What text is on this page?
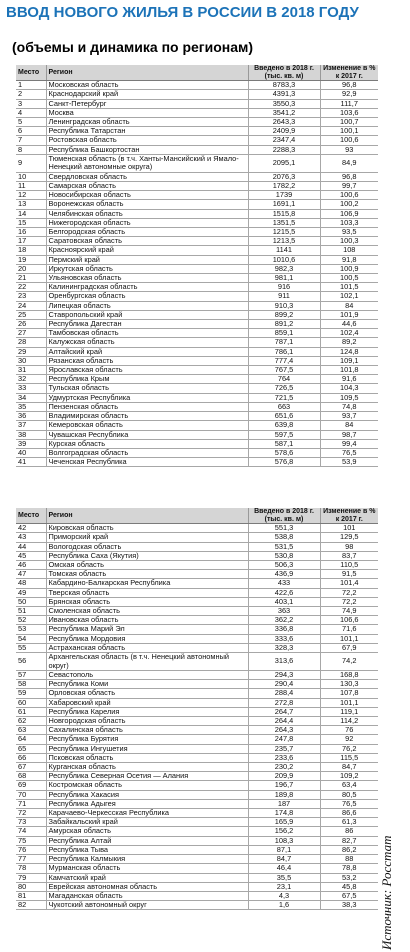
ВВОД НОВОГО ЖИЛЬЯ В РОССИИ В 2018 ГОДУ
(объемы и динамика по регионам)
Место	Регион	Введено в 2018 г. (тыс. кв. м)	Изменение в % к 2017 г.
1	Московская область	8783,3	96,8
2	Краснодарский край	4391,3	92,9
3	Санкт-Петербург	3550,3	111,7
4	Москва	3541,2	103,6
5	Ленинградская область	2643,3	100,7
6	Республика Татарстан	2409,9	100,1
7	Ростовская область	2347,4	100,6
8	Республика Башкортостан	2288,3	93
9	Тюменская область (в т.ч. Ханты-Мансийский и Ямало-Ненецкий автономные округа)	2095,1	84,9
10	Свердловская область	2076,3	96,8
11	Самарская область	1782,2	99,7
12	Новосибирская область	1739	100,6
13	Воронежская область	1691,1	100,2
14	Челябинская область	1515,8	106,9
15	Нижегородская область	1351,5	103,3
16	Белгородская область	1215,5	93,5
17	Саратовская область	1213,5	100,3
18	Красноярский край	1141	108
19	Пермский край	1010,6	91,8
20	Иркутская область	982,3	100,9
21	Ульяновская область	981,1	100,5
22	Калининградская область	916	101,5
23	Оренбургская область	911	102,1
24	Липецкая область	910,3	84
25	Ставропольский край	899,2	101,9
26	Республика Дагестан	891,2	44,6
27	Тамбовская область	859,1	102,4
28	Калужская область	787,1	89,2
29	Алтайский край	786,1	124,8
30	Рязанская область	777,4	109,1
31	Ярославская область	767,5	101,8
32	Республика Крым	764	91,6
33	Тульская область	726,5	104,3
34	Удмуртская Республика	721,5	109,5
35	Пензенская область	663	74,8
36	Владимирская область	651,6	93,7
37	Кемеровская область	639,8	84
38	Чувашская Республика	597,5	98,7
39	Курская область	587,1	99,4
40	Волгоградская область	578,6	76,5
41	Чеченская Республика	576,8	53,9
Место	Регион	Введено в 2018 г. (тыс. кв. м)	Изменение в % к 2017 г.
42	Кировская область	551,3	101
43	Приморский край	538,8	129,5
44	Вологодская область	531,5	98
45	Республика Саха (Якутия)	530,8	83,7
46	Омская область	506,3	110,5
47	Томская область	436,9	91,5
48	Кабардино-Балкарская Республика	433	101,4
49	Тверская область	422,6	72,2
50	Брянская область	403,1	72,2
51	Смоленская область	363	74,9
52	Ивановская область	362,2	106,6
53	Республика Марий Эл	336,8	71,6
54	Республика Мордовия	333,6	101,1
55	Астраханская область	328,3	67,9
56	Архангельская область (в т.ч. Ненецкий автономный округ)	313,6	74,2
57	Севастополь	294,3	168,8
58	Республика Коми	290,4	130,3
59	Орловская область	288,4	107,8
60	Хабаровский край	272,8	101,1
61	Республика Карелия	264,7	119,1
62	Новгородская область	264,4	114,2
63	Сахалинская область	264,3	76
64	Республика Бурятия	247,8	92
65	Республика Ингушетия	235,7	76,2
66	Псковская область	233,6	115,5
67	Курганская область	230,2	84,7
68	Республика Северная Осетия — Алания	209,9	109,2
69	Костромская область	196,7	63,4
70	Республика Хакасия	189,8	80,5
71	Республика Адыгея	187	76,5
72	Карачаево-Черкесская Республика	174,8	86,6
73	Забайкальский край	165,9	61,3
74	Амурская область	156,2	86
75	Республика Алтай	108,3	82,7
76	Республика Тыва	87,1	86,2
77	Республика Калмыкия	84,7	88
78	Мурманская область	46,4	78,8
79	Камчатский край	35,5	53,2
80	Еврейская автономная область	23,1	45,8
81	Магаданская область	4,3	67,5
82	Чукотский автономный округ	1,6	38,3 Источник: Росстат
